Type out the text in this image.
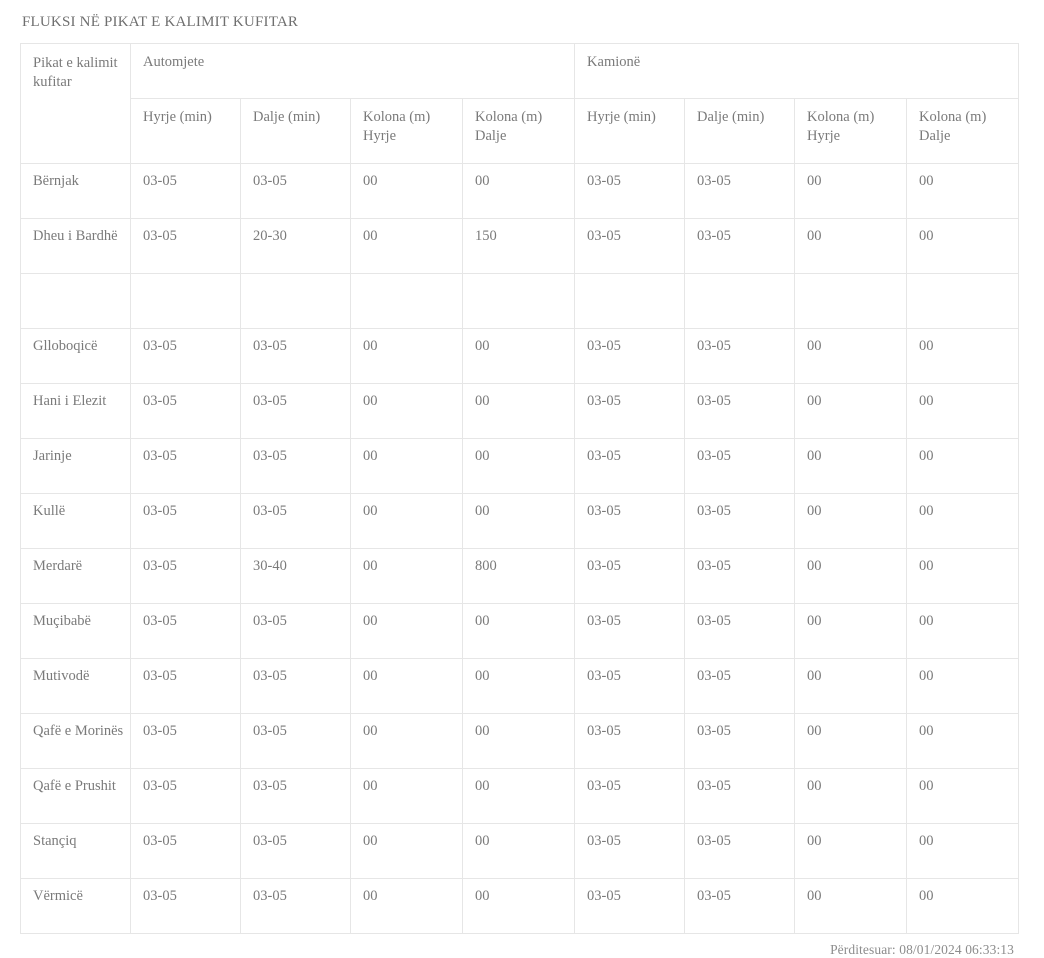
FLUKSI NË PIKAT E KALIMIT KUFITAR
Pikat e kalimit kufitar	Automjete				Kamionë			
	Hyrje (min)	Dalje (min)	Kolona (m) Hyrje	Kolona (m) Dalje	Hyrje (min)	Dalje (min)	Kolona (m) Hyrje	Kolona (m) Dalje
Bërnjak	03-05	03-05	00	00	03-05	03-05	00	00
Dheu i Bardhë	03-05	20-30	00	150	03-05	03-05	00	00

Glloboqicë	03-05	03-05	00	00	03-05	03-05	00	00
Hani i Elezit	03-05	03-05	00	00	03-05	03-05	00	00
Jarinje	03-05	03-05	00	00	03-05	03-05	00	00
Kullë	03-05	03-05	00	00	03-05	03-05	00	00
Merdarë	03-05	30-40	00	800	03-05	03-05	00	00
Muçibabë	03-05	03-05	00	00	03-05	03-05	00	00
Mutivodë	03-05	03-05	00	00	03-05	03-05	00	00
Qafë e Morinës	03-05	03-05	00	00	03-05	03-05	00	00
Qafë e Prushit	03-05	03-05	00	00	03-05	03-05	00	00
Stançiq	03-05	03-05	00	00	03-05	03-05	00	00
Vërmicë	03-05	03-05	00	00	03-05	03-05	00	00
Përditesuar: 08/01/2024 06:33:13
